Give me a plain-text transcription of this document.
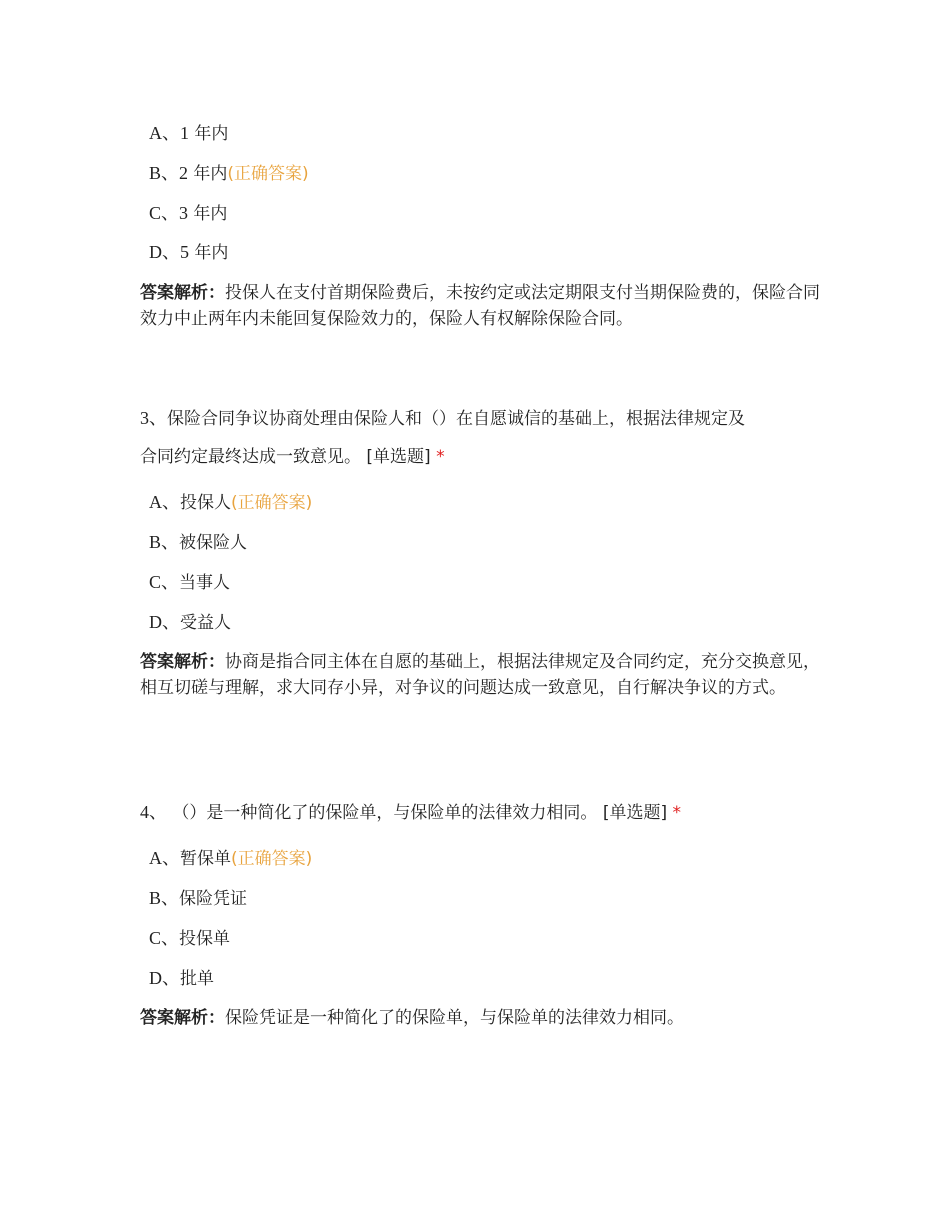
A、1 年内
B、2 年内(正确答案)
C、3 年内
D、5 年内
答案解析：投保人在支付首期保险费后，未按约定或法定期限支付当期保险费的，保险合同效力中止两年内未能回复保险效力的，保险人有权解除保险合同。
3、保险合同争议协商处理由保险人和（）在自愿诚信的基础上，根据法律规定及
合同约定最终达成一致意见。 [单选题] *
A、投保人(正确答案)
B、被保险人
C、当事人
D、受益人
答案解析：协商是指合同主体在自愿的基础上，根据法律规定及合同约定，充分交换意见，相互切磋与理解，求大同存小异，对争议的问题达成一致意见，自行解决争议的方式。
4、 （）是一种简化了的保险单，与保险单的法律效力相同。 [单选题] *
A、暂保单(正确答案)
B、保险凭证
C、投保单
D、批单
答案解析：保险凭证是一种简化了的保险单，与保险单的法律效力相同。
